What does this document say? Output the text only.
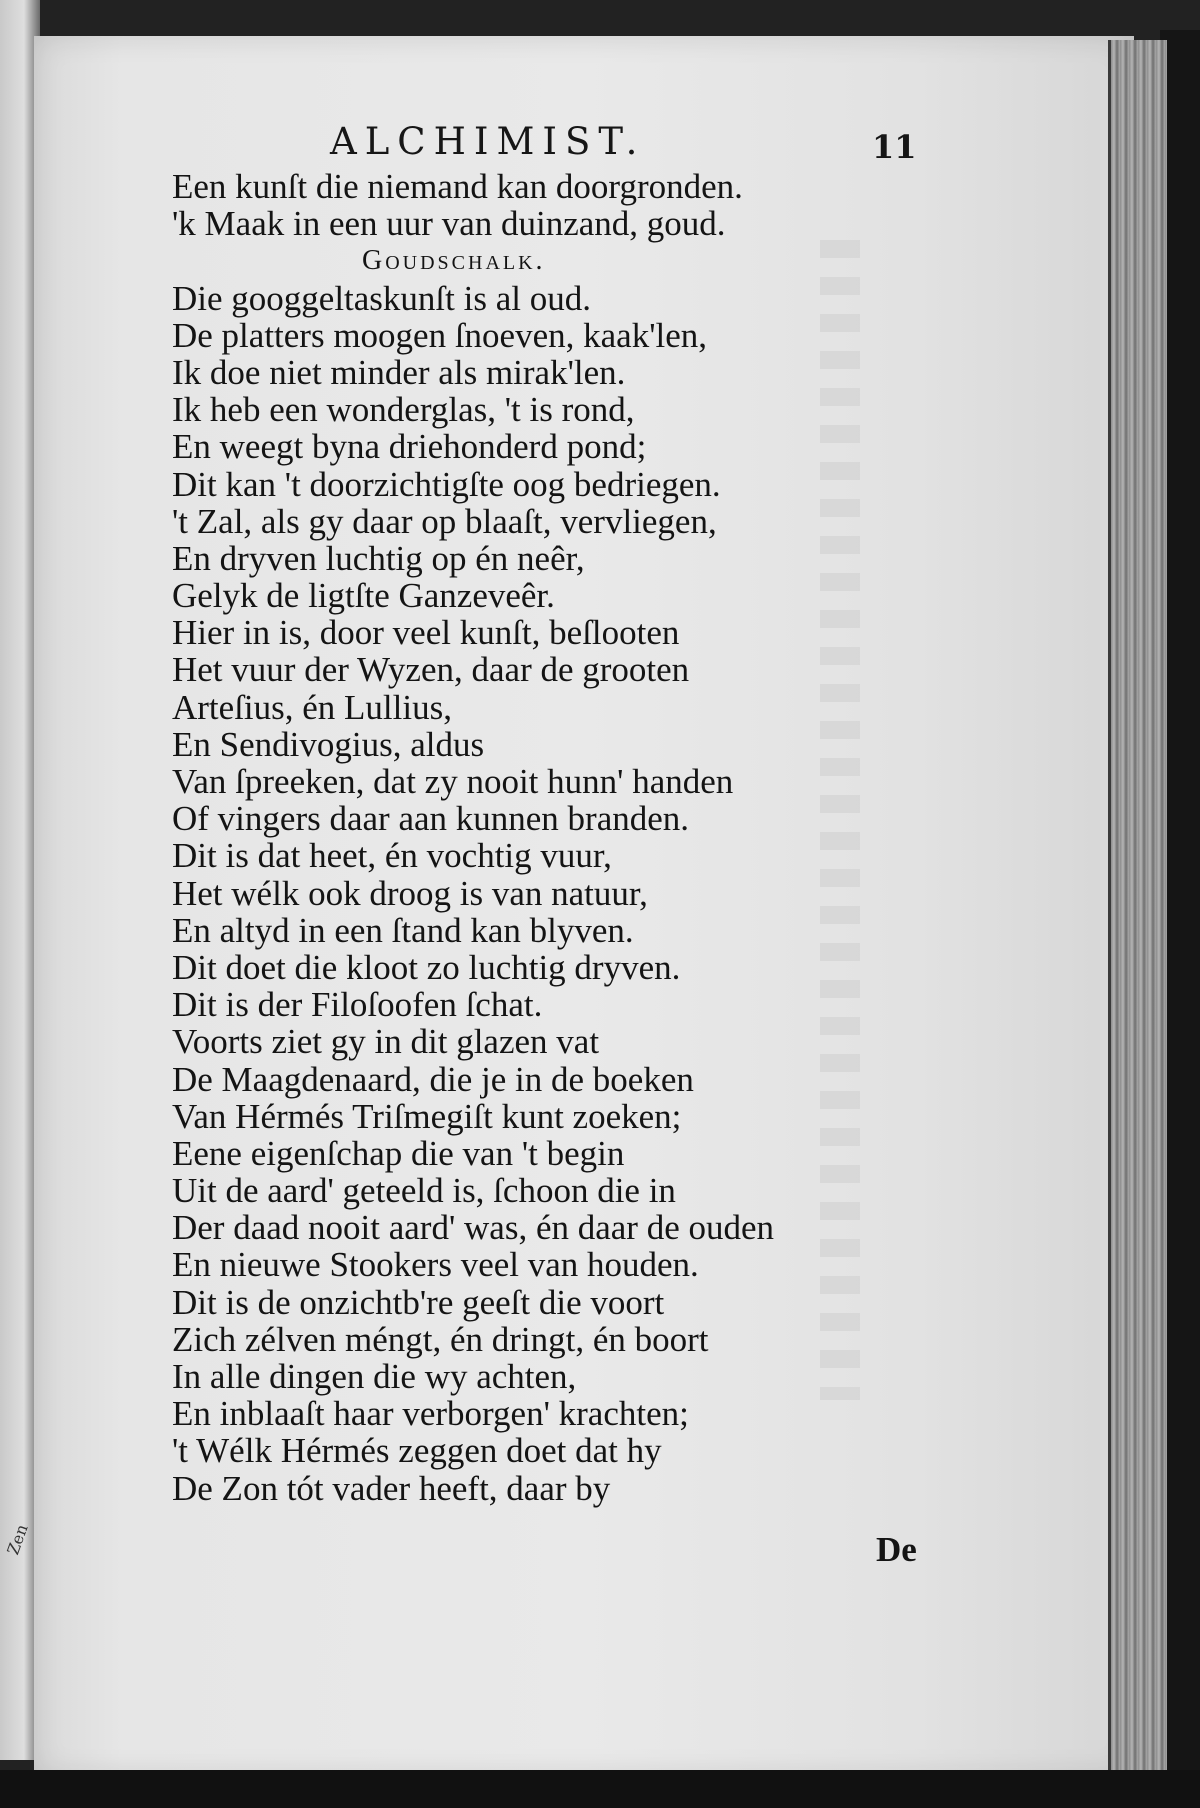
Zen
ALCHIMIST.	11
Een kunſt die niemand kan doorgronden.
'k Maak in een uur van duinzand, goud.
Goudschalk.
Die googgeltaskunſt is al oud.
De platters moogen ſnoeven, kaak'len,
Ik doe niet minder als mirak'len.
Ik heb een wonderglas, 't is rond,
En weegt byna driehonderd pond;
Dit kan 't doorzichtigſte oog bedriegen.
't Zal, als gy daar op blaaſt, vervliegen,
En dryven luchtig op én neêr,
Gelyk de ligtſte Ganzeveêr.
Hier in is, door veel kunſt, beſlooten
Het vuur der Wyzen, daar de grooten
Arteſius, én Lullius,
En Sendivogius, aldus
Van ſpreeken, dat zy nooit hunn' handen
Of vingers daar aan kunnen branden.
Dit is dat heet, én vochtig vuur,
Het wélk ook droog is van natuur,
En altyd in een ſtand kan blyven.
Dit doet die kloot zo luchtig dryven.
Dit is der Filoſoofen ſchat.
Voorts ziet gy in dit glazen vat
De Maagdenaard, die je in de boeken
Van Hérmés Triſmegiſt kunt zoeken;
Eene eigenſchap die van 't begin
Uit de aard' geteeld is, ſchoon die in
Der daad nooit aard' was, én daar de ouden
En nieuwe Stookers veel van houden.
Dit is de onzichtb're geeſt die voort
Zich zélven méngt, én dringt, én boort
In alle dingen die wy achten,
En inblaaſt haar verborgen' krachten;
't Wélk Hérmés zeggen doet dat hy
De Zon tót vader heeft, daar by
De
